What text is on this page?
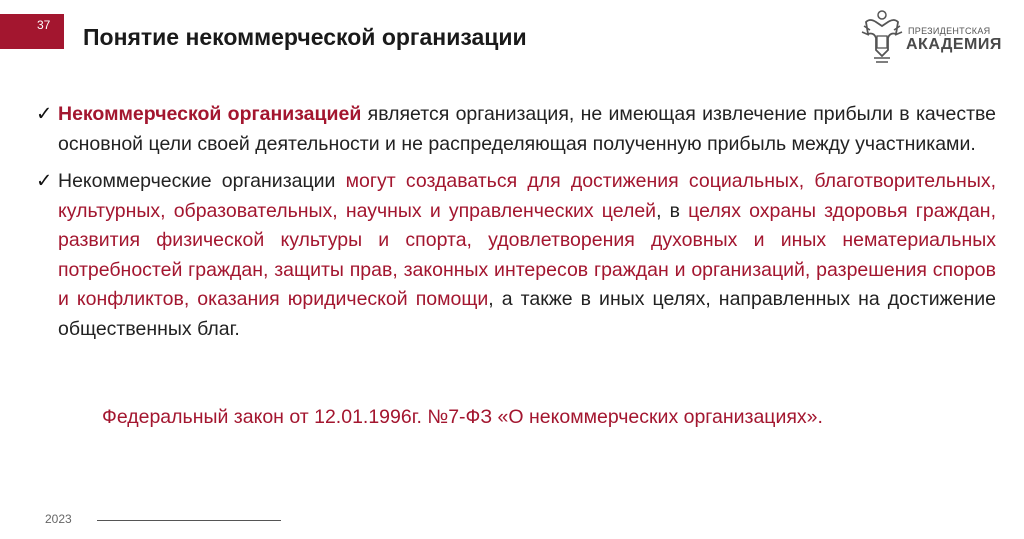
37	Понятие некоммерческой организации	ПРЕЗИДЕНТСКАЯ
АКАДЕМИЯ
✓ Некоммерческой организацией является организация, не имеющая извлечение прибыли в качестве основной цели своей деятельности и не распределяющая полученную прибыль между участниками.
✓ Некоммерческие организации могут создаваться для достижения социальных, благотворительных, культурных, образовательных, научных и управленческих целей, в целях охраны здоровья граждан, развития физической культуры и спорта, удовлетворения духовных и иных нематериальных потребностей граждан, защиты прав, законных интересов граждан и организаций, разрешения споров и конфликтов, оказания юридической помощи, а также в иных целях, направленных на достижение общественных благ.
Федеральный закон от 12.01.1996г. №7-ФЗ «О некоммерческих организациях».
2023
